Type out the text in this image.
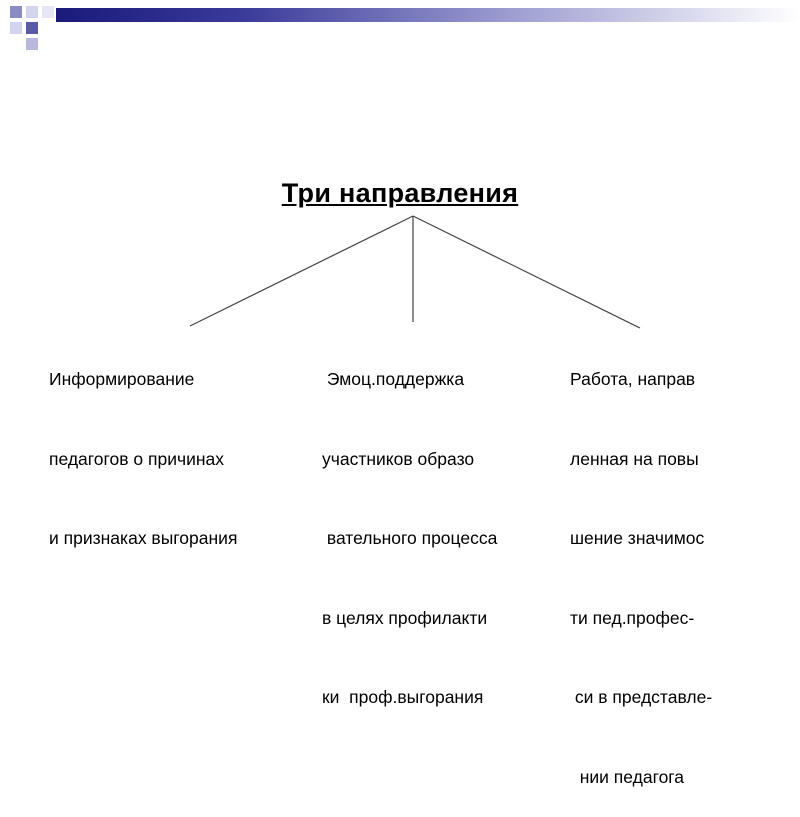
Три направления

Информирование

педагогов о причинах

и признаках выгорания

Эмоц.поддержка

участников образо

вательного процесса

в целях профилакти

ки  проф.выгорания

Работа, направ

ленная на повы

шение значимос

ти пед.профес-

си в представле-

нии педагога
